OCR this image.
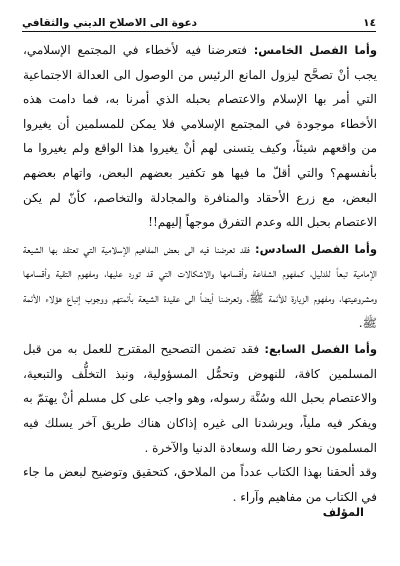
١٤
دعوة الى الاصلاح الديني والثقافي

وأما الفصل الخامس: فتعرضنا فيه لأخطاء في المجتمع الإسلامي، يجب أنْ تصحَّح ليزول المانع الرئيس من الوصول الى العدالة الاجتماعية التي أمر بها الإسلام والاعتصام بحبله الذي أمرنا به، فما دامت هذه الأخطاء موجودة في المجتمع الإسلامي فلا يمكن للمسلمين أن يغيروا من واقعهم شيئاً، وكيف يتسنى لهم أنْ يغيروا هذا الواقع ولم يغيروا ما بأنفسهم؟ والتي أقلّ ما فيها هو تكفير بعضهم البعض، واتهام بعضهم البعض، مع زرع الأحقاد والمنافرة والمجادلة والتخاصم، كأنّ لم يكن الاعتصام بحبل الله وعدم التفرق موجهاً إليهم!!

وأما الفصل السادس: فقد تعرضنا فيه الى بعض المفاهيم الإسلامية التي تعتقد بها الشيعة الإمامية تبعاً للدليل، كمفهوم الشفاعة وأقسامها والاشكالات التي قد تورد عليها، ومفهوم التقية وأقسامها ومشروعيتها، ومفهوم الزيارة للأئمة ﷺ، وتعرضنا أيضاً الى عقيدة الشيعة بأئمتهم ووجوب إتباع هؤلاء الأئمة ﷺ.

وأما الفصل السابع: فقد تضمن التصحيح المقترح للعمل به من قبل المسلمين كافة، للنهوض وتحمُّل المسؤولية، ونبذ التخلُّف والتبعية، والاعتصام بحبل الله وسُنَّة رسوله، وهو واجب على كل مسلم أنْ يهتمّ به ويفكر فيه ملياً، ويرشدنا الى غيره إذاكان هناك طريق آخر يسلك فيه المسلمون نحو رضا الله وسعادة الدنيا والآخرة .

وقد ألحقنا بهذا الكتاب عدداً من الملاحق، كتحقيق وتوضيح لبعض ما جاء في الكتاب من مفاهيم وآراء .

المؤلف
